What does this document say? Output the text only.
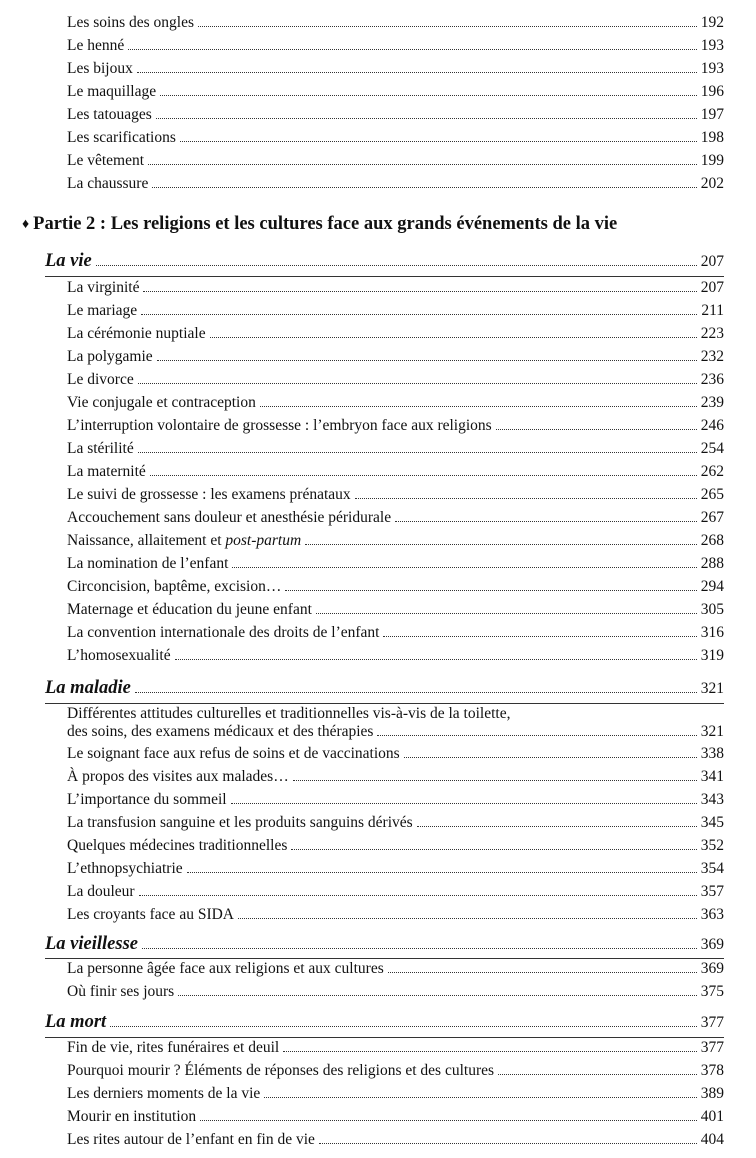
Les soins des ongles	192
Le henné	193
Les bijoux	193
Le maquillage	196
Les tatouages	197
Les scarifications	198
Le vêtement	199
La chaussure	202
♦ Partie 2 : Les religions et les cultures face aux grands événements de la vie
La vie	207
La virginité	207
Le mariage	211
La cérémonie nuptiale	223
La polygamie	232
Le divorce	236
Vie conjugale et contraception	239
L’interruption volontaire de grossesse : l’embryon face aux religions	246
La stérilité	254
La maternité	262
Le suivi de grossesse : les examens prénataux	265
Accouchement sans douleur et anesthésie péridurale	267
Naissance, allaitement et post-partum	268
La nomination de l’enfant	288
Circoncision, baptême, excision…	294
Maternage et éducation du jeune enfant	305
La convention internationale des droits de l’enfant	316
L’homosexualité	319
La maladie	321
Différentes attitudes culturelles et traditionnelles vis-à-vis de la toilette,
des soins, des examens médicaux et des thérapies	321
Le soignant face aux refus de soins et de vaccinations	338
À propos des visites aux malades…	341
L’importance du sommeil	343
La transfusion sanguine et les produits sanguins dérivés	345
Quelques médecines traditionnelles	352
L’ethnopsychiatrie	354
La douleur	357
Les croyants face au SIDA	363
La vieillesse	369
La personne âgée face aux religions et aux cultures	369
Où finir ses jours	375
La mort	377
Fin de vie, rites funéraires et deuil	377
Pourquoi mourir ? Éléments de réponses des religions et des cultures	378
Les derniers moments de la vie	389
Mourir en institution	401
Les rites autour de l’enfant en fin de vie	404
